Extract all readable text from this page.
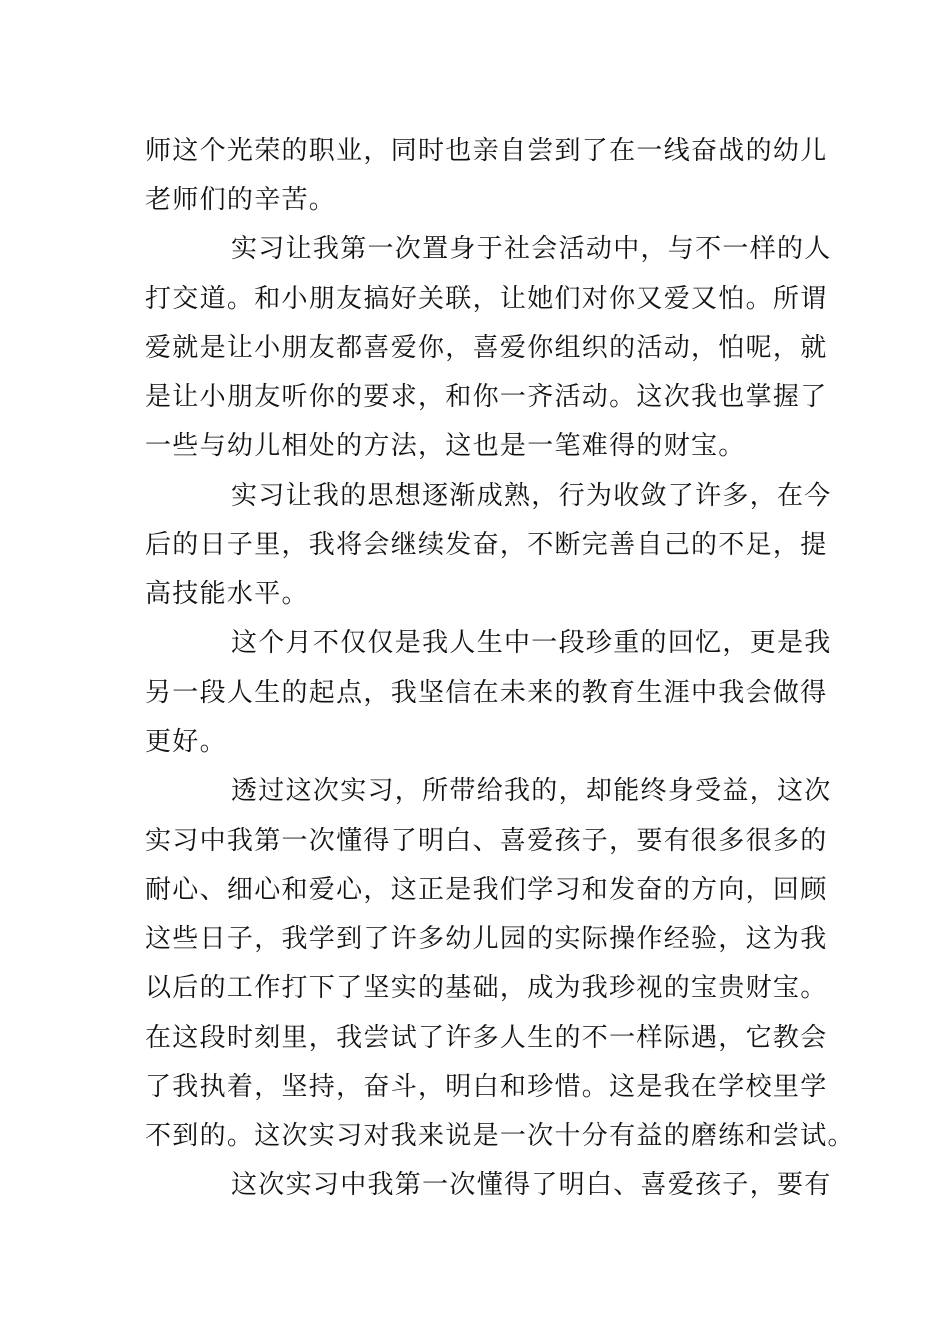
师这个光荣的职业，同时也亲自尝到了在一线奋战的幼儿
老师们的辛苦。
实习让我第一次置身于社会活动中，与不一样的人
打交道。和小朋友搞好关联，让她们对你又爱又怕。所谓
爱就是让小朋友都喜爱你，喜爱你组织的活动，怕呢，就
是让小朋友听你的要求，和你一齐活动。这次我也掌握了
一些与幼儿相处的方法，这也是一笔难得的财宝。
实习让我的思想逐渐成熟，行为收敛了许多，在今
后的日子里，我将会继续发奋，不断完善自己的不足，提
高技能水平。
这个月不仅仅是我人生中一段珍重的回忆，更是我
另一段人生的起点，我坚信在未来的教育生涯中我会做得
更好。
透过这次实习，所带给我的，却能终身受益，这次
实习中我第一次懂得了明白、喜爱孩子，要有很多很多的
耐心、细心和爱心，这正是我们学习和发奋的方向，回顾
这些日子，我学到了许多幼儿园的实际操作经验，这为我
以后的工作打下了坚实的基础，成为我珍视的宝贵财宝。
在这段时刻里，我尝试了许多人生的不一样际遇，它教会
了我执着，坚持，奋斗，明白和珍惜。这是我在学校里学
不到的。这次实习对我来说是一次十分有益的磨练和尝试。
这次实习中我第一次懂得了明白、喜爱孩子，要有
